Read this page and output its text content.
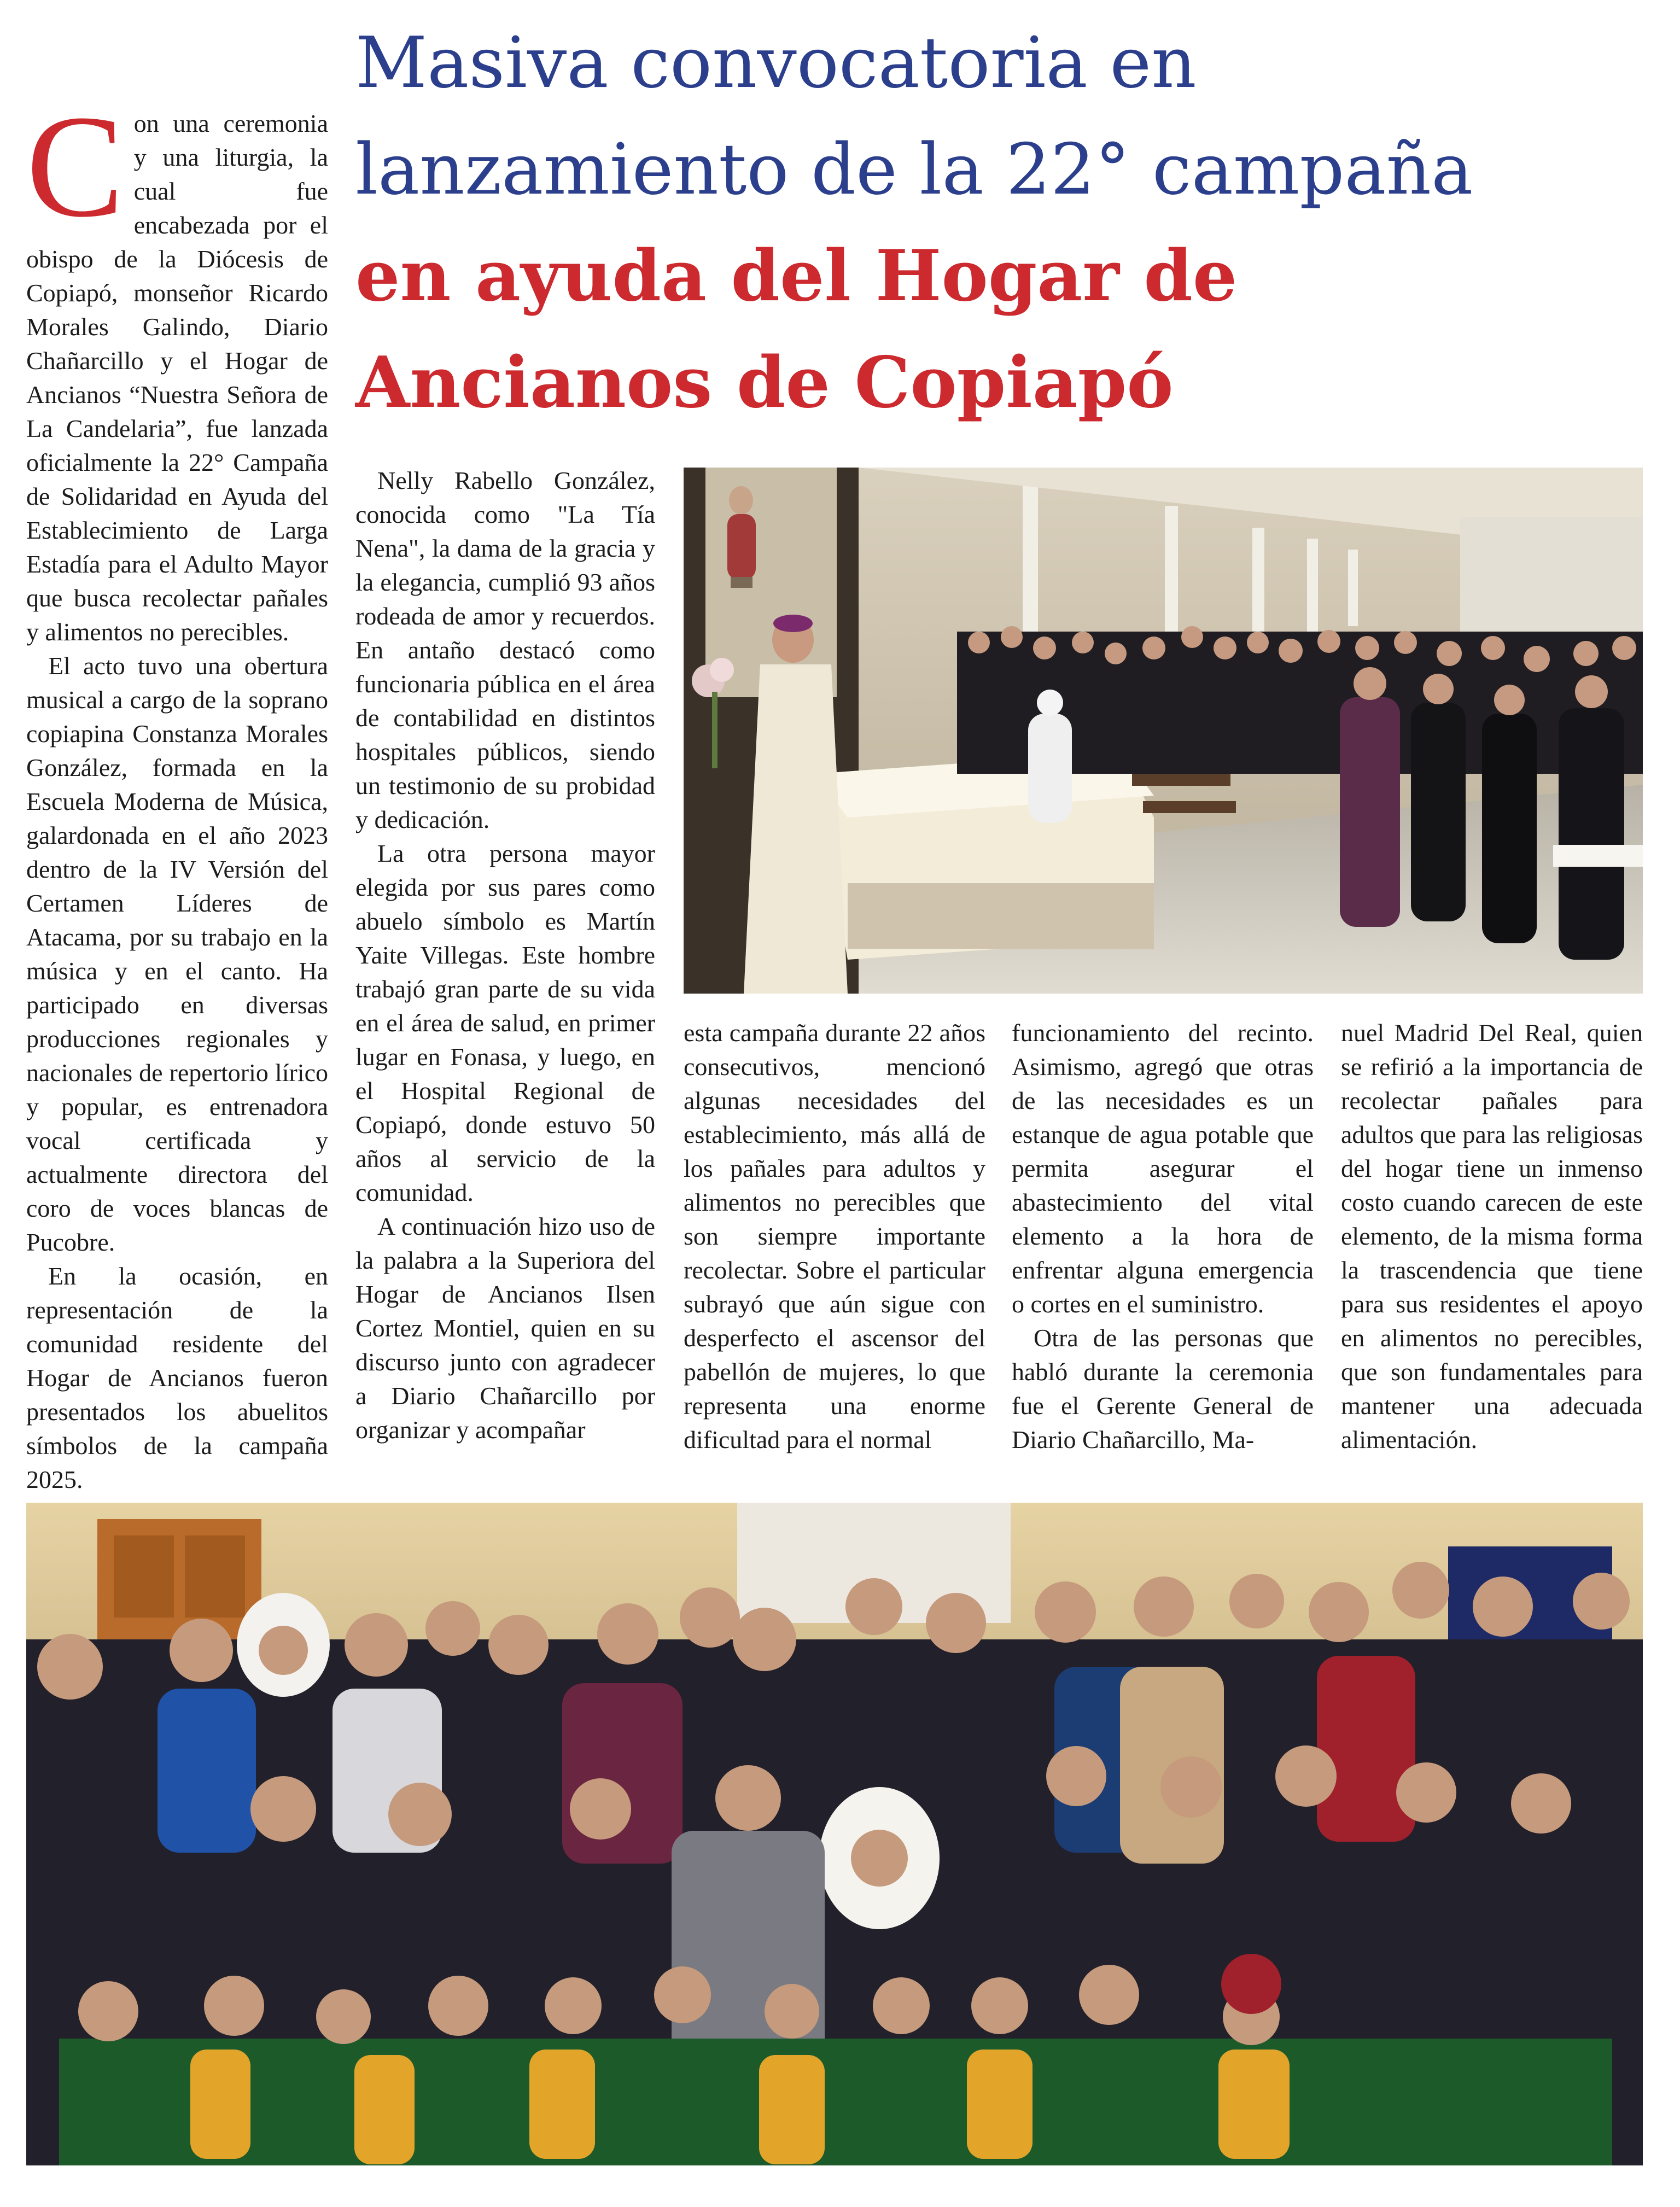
Masiva convocatoria en
lanzamiento de la 22° campaña
en ayuda del Hogar de
Ancianos de Copiapó
C on una ceremonia y una liturgia, la cual fue encabezada por el obispo de la Diócesis de Copiapó, monseñor Ricardo Morales Galindo, Diario Chañarcillo y el Hogar de Ancianos “Nuestra Señora de La Candelaria”, fue lanzada oficialmente la 22° Campaña de Solidaridad en Ayuda del Establecimiento de Larga Estadía para el Adulto Mayor que busca recolectar pañales y alimentos no perecibles.

El acto tuvo una obertura musical a cargo de la soprano copiapina Constanza Morales González, formada en la Escuela Moderna de Música, galardonada en el año 2023 dentro de la IV Versión del Certamen Líderes de Atacama, por su trabajo en la música y en el canto. Ha participado en diversas producciones regionales y nacionales de repertorio lírico y popular, es entrenadora vocal certificada y actualmente directora del coro de voces blancas de Pucobre.

En la ocasión, en representación de la comunidad residente del Hogar de Ancianos fueron presentados los abuelitos símbolos de la campaña 2025.

Nelly Rabello González, conocida como "La Tía Nena", la dama de la gracia y la elegancia, cumplió 93 años rodeada de amor y recuerdos. En antaño destacó como funcionaria pública en el área de contabilidad en distintos hospitales públicos, siendo un testimonio de su probidad y dedicación.

La otra persona mayor elegida por sus pares como abuelo símbolo es Martín Yaite Villegas. Este hombre trabajó gran parte de su vida en el área de salud, en primer lugar en Fonasa, y luego, en el Hospital Regional de Copiapó, donde estuvo 50 años al servicio de la comunidad.

A continuación hizo uso de la palabra a la Superiora del Hogar de Ancianos Ilsen Cortez Montiel, quien en su discurso junto con agradecer a Diario Chañarcillo por organizar y acompañar

esta campaña durante 22 años consecutivos, mencionó algunas necesidades del establecimiento, más allá de los pañales para adultos y alimentos no perecibles que son siempre importante recolectar. Sobre el particular subrayó que aún sigue con desperfecto el ascensor del pabellón de mujeres, lo que representa una enorme dificultad para el normal

funcionamiento del recinto. Asimismo, agregó que otras de las necesidades es un estanque de agua potable que permita asegurar el abastecimiento del vital elemento a la hora de enfrentar alguna emergencia o cortes en el suministro.

Otra de las personas que habló durante la ceremonia fue el Gerente General de Diario Chañarcillo, Ma-

nuel Madrid Del Real, quien se refirió a la importancia de recolectar pañales para adultos que para las religiosas del hogar tiene un inmenso costo cuando carecen de este elemento, de la misma forma la trascendencia que tiene para sus residentes el apoyo en alimentos no perecibles, que son fundamentales para mantener una adecuada alimentación.
